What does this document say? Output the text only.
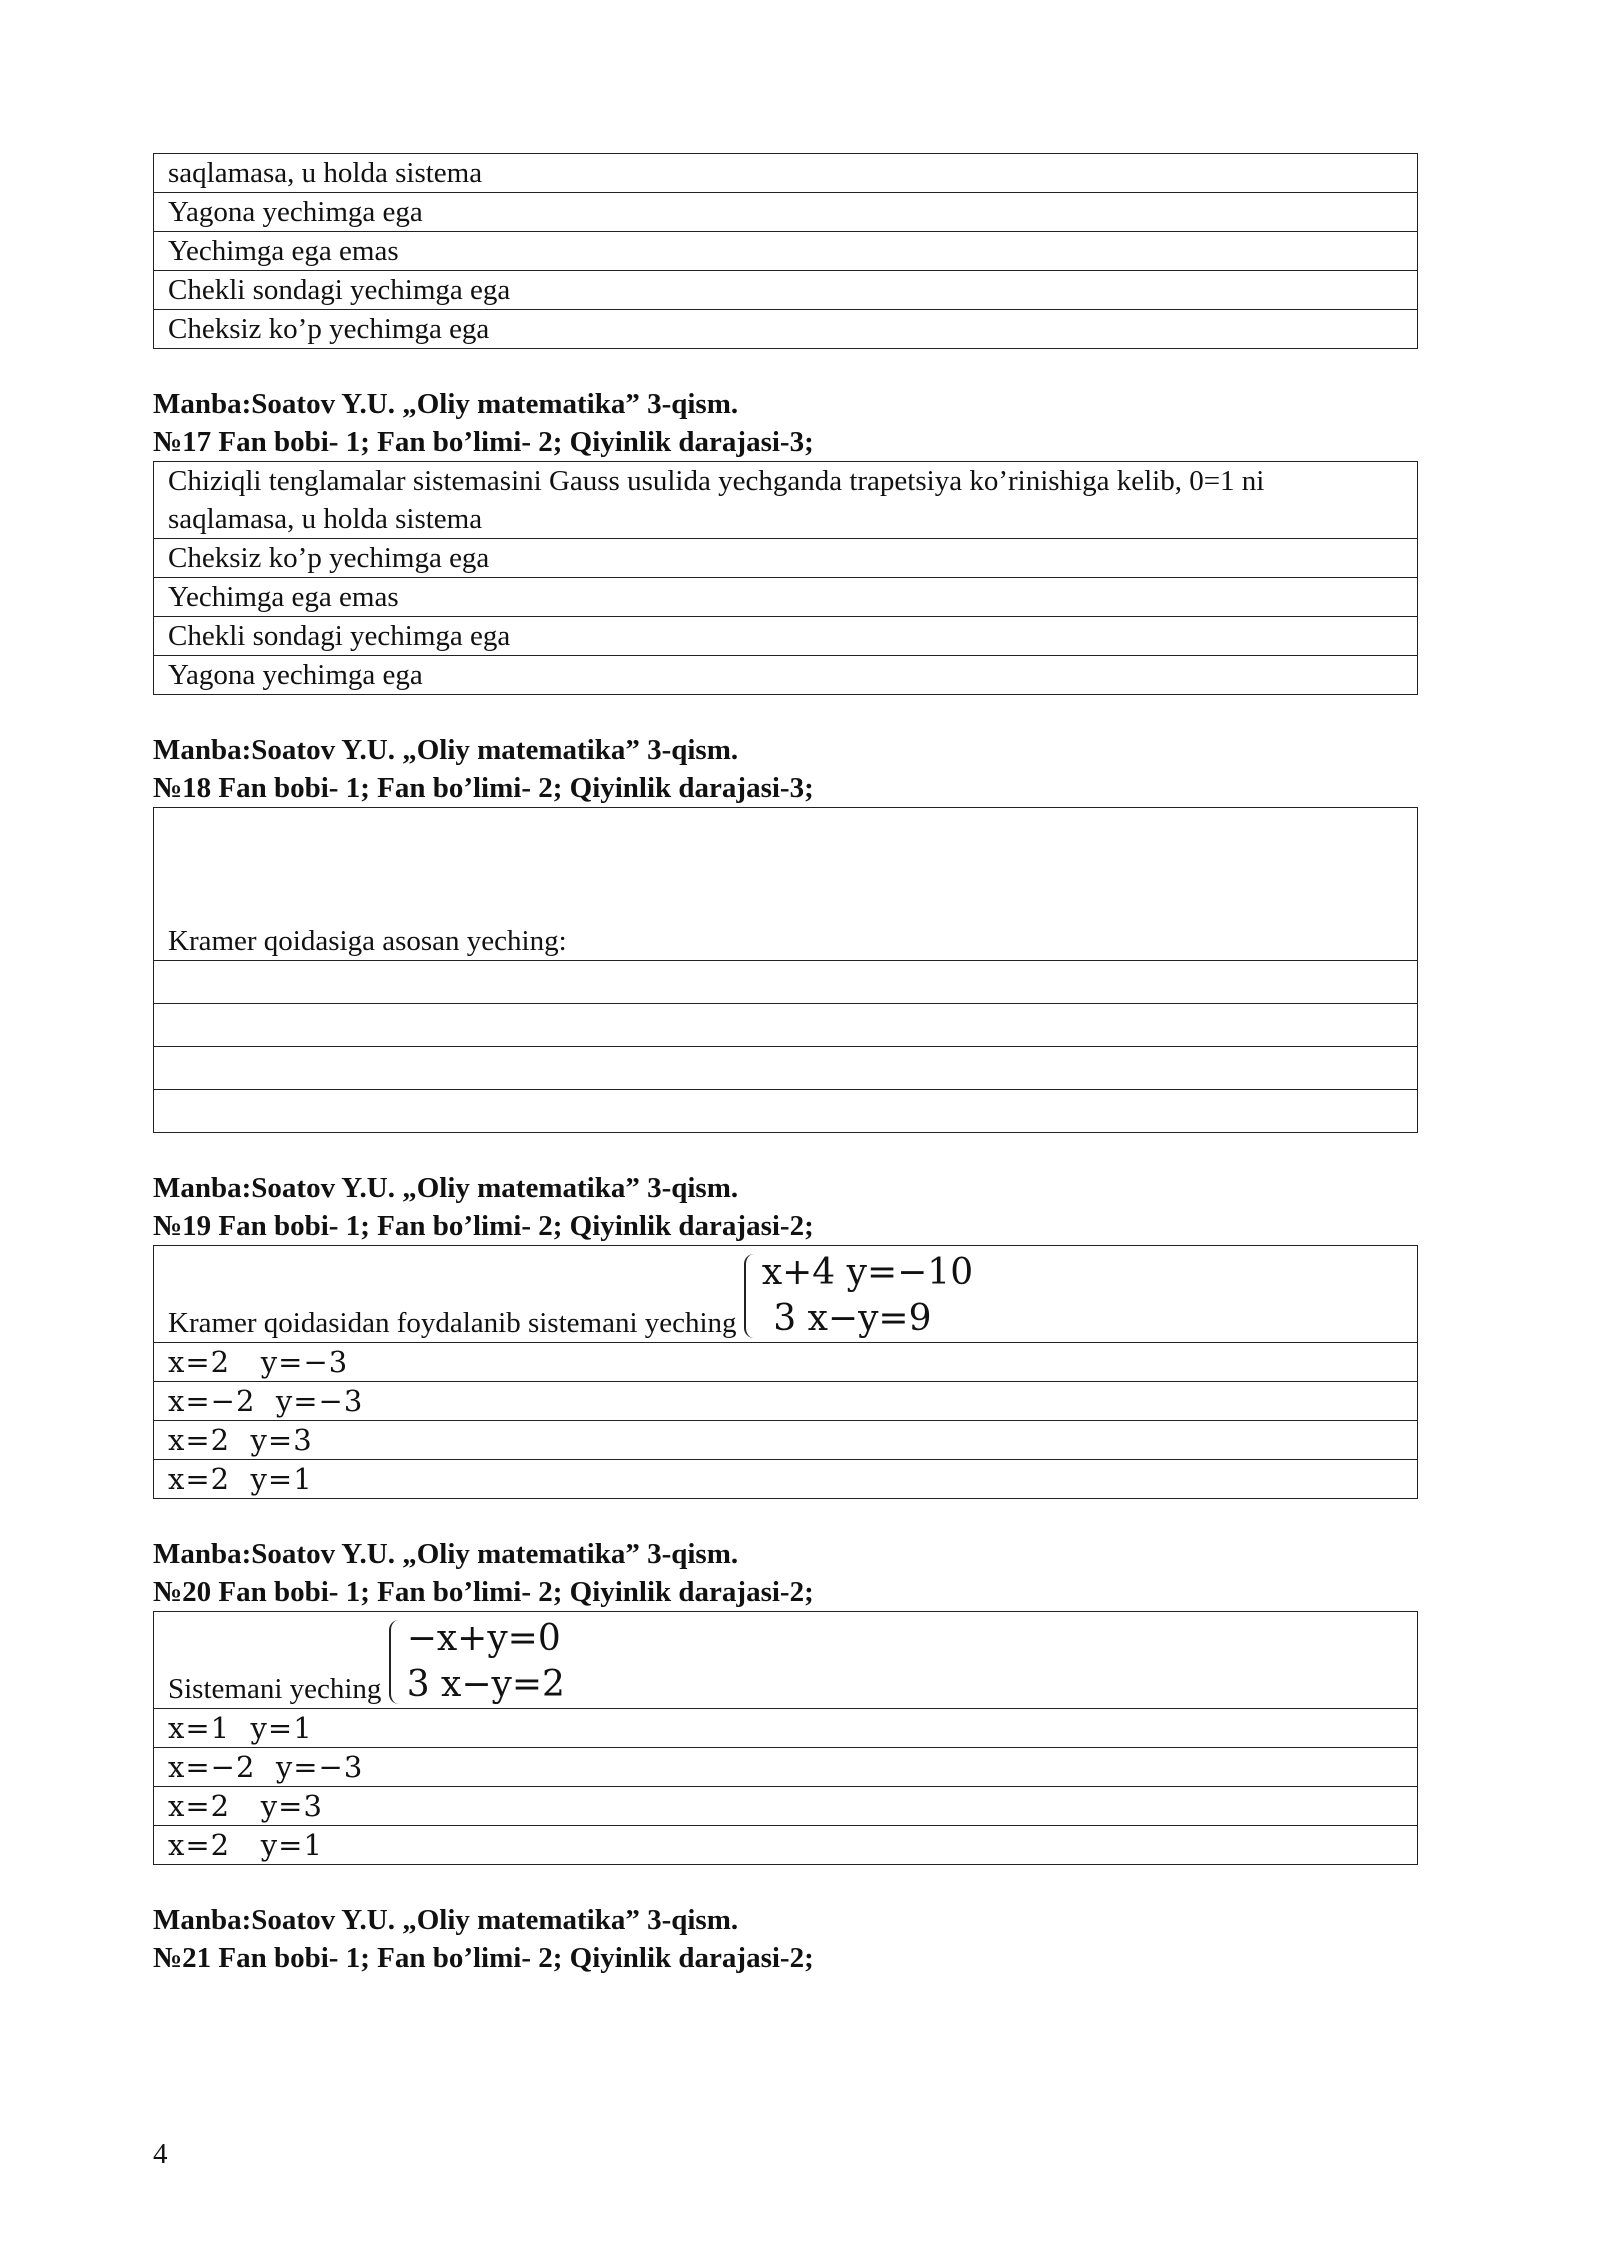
saqlamasa, u holda sistema
Yagona yechimga ega
Yechimga ega emas
Chekli sondagi yechimga ega
Cheksiz ko’p yechimga ega
Manba:Soatov Y.U. „Oliy matematika” 3-qism.
№17 Fan bobi- 1; Fan bo’limi- 2; Qiyinlik darajasi-3;
Chiziqli tenglamalar sistemasini Gauss usulida yechganda trapetsiya ko’rinishiga kelib, 0=1 ni
saqlamasa, u holda sistema

Cheksiz ko’p yechimga ega
Yechimga ega emas
Chekli sondagi yechimga ega
Yagona yechimga ega
Manba:Soatov Y.U. „Oliy matematika” 3-qism.
№18 Fan bobi- 1; Fan bo’limi- 2; Qiyinlik darajasi-3;
Kramer qoidasiga asosan yeching:

Manba:Soatov Y.U. „Oliy matematika” 3-qism.
№19 Fan bobi- 1; Fan bo’limi- 2; Qiyinlik darajasi-2;
Kramer qoidasidan foydalanib sistemani yeching
x+4 y=−10
3 x−y=9

x=2   y=−3
x=−2  y=−3
x=2  y=3
x=2  y=1
Manba:Soatov Y.U. „Oliy matematika” 3-qism.
№20 Fan bobi- 1; Fan bo’limi- 2; Qiyinlik darajasi-2;
Sistemani yeching
−x+y=0
3 x−y=2

x=1  y=1
x=−2  y=−3
x=2   y=3
x=2   y=1
Manba:Soatov Y.U. „Oliy matematika” 3-qism.
№21 Fan bobi- 1; Fan bo’limi- 2; Qiyinlik darajasi-2;
4
